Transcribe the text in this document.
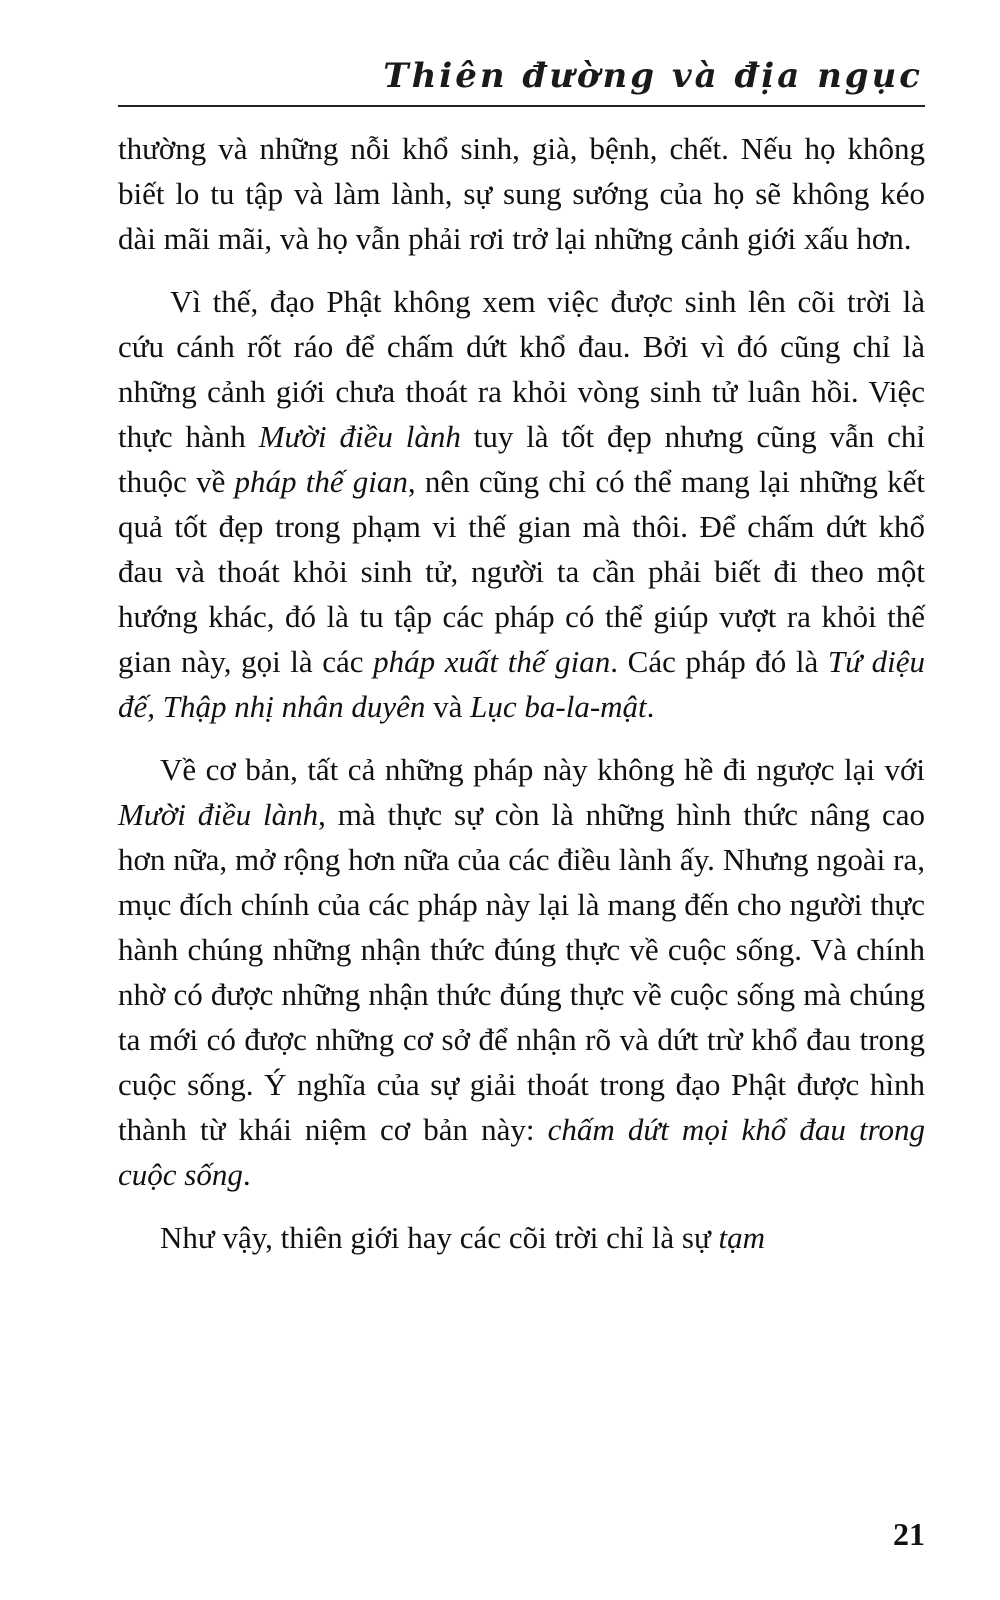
Thiên đường và địa ngục

thường và những nỗi khổ sinh, già, bệnh, chết. Nếu họ không biết lo tu tập và làm lành, sự sung sướng của họ sẽ không kéo dài mãi mãi, và họ vẫn phải rơi trở lại những cảnh giới xấu hơn.

Vì thế, đạo Phật không xem việc được sinh lên cõi trời là cứu cánh rốt ráo để chấm dứt khổ đau. Bởi vì đó cũng chỉ là những cảnh giới chưa thoát ra khỏi vòng sinh tử luân hồi. Việc thực hành Mười điều lành tuy là tốt đẹp nhưng cũng vẫn chỉ thuộc về pháp thế gian, nên cũng chỉ có thể mang lại những kết quả tốt đẹp trong phạm vi thế gian mà thôi. Để chấm dứt khổ đau và thoát khỏi sinh tử, người ta cần phải biết đi theo một hướng khác, đó là tu tập các pháp có thể giúp vượt ra khỏi thế gian này, gọi là các pháp xuất thế gian. Các pháp đó là Tứ diệu đế, Thập nhị nhân duyên và Lục ba-la-mật.

Về cơ bản, tất cả những pháp này không hề đi ngược lại với Mười điều lành, mà thực sự còn là những hình thức nâng cao hơn nữa, mở rộng hơn nữa của các điều lành ấy. Nhưng ngoài ra, mục đích chính của các pháp này lại là mang đến cho người thực hành chúng những nhận thức đúng thực về cuộc sống. Và chính nhờ có được những nhận thức đúng thực về cuộc sống mà chúng ta mới có được những cơ sở để nhận rõ và dứt trừ khổ đau trong cuộc sống. Ý nghĩa của sự giải thoát trong đạo Phật được hình thành từ khái niệm cơ bản này: chấm dứt mọi khổ đau trong cuộc sống.

Như vậy, thiên giới hay các cõi trời chỉ là sự tạm

21
